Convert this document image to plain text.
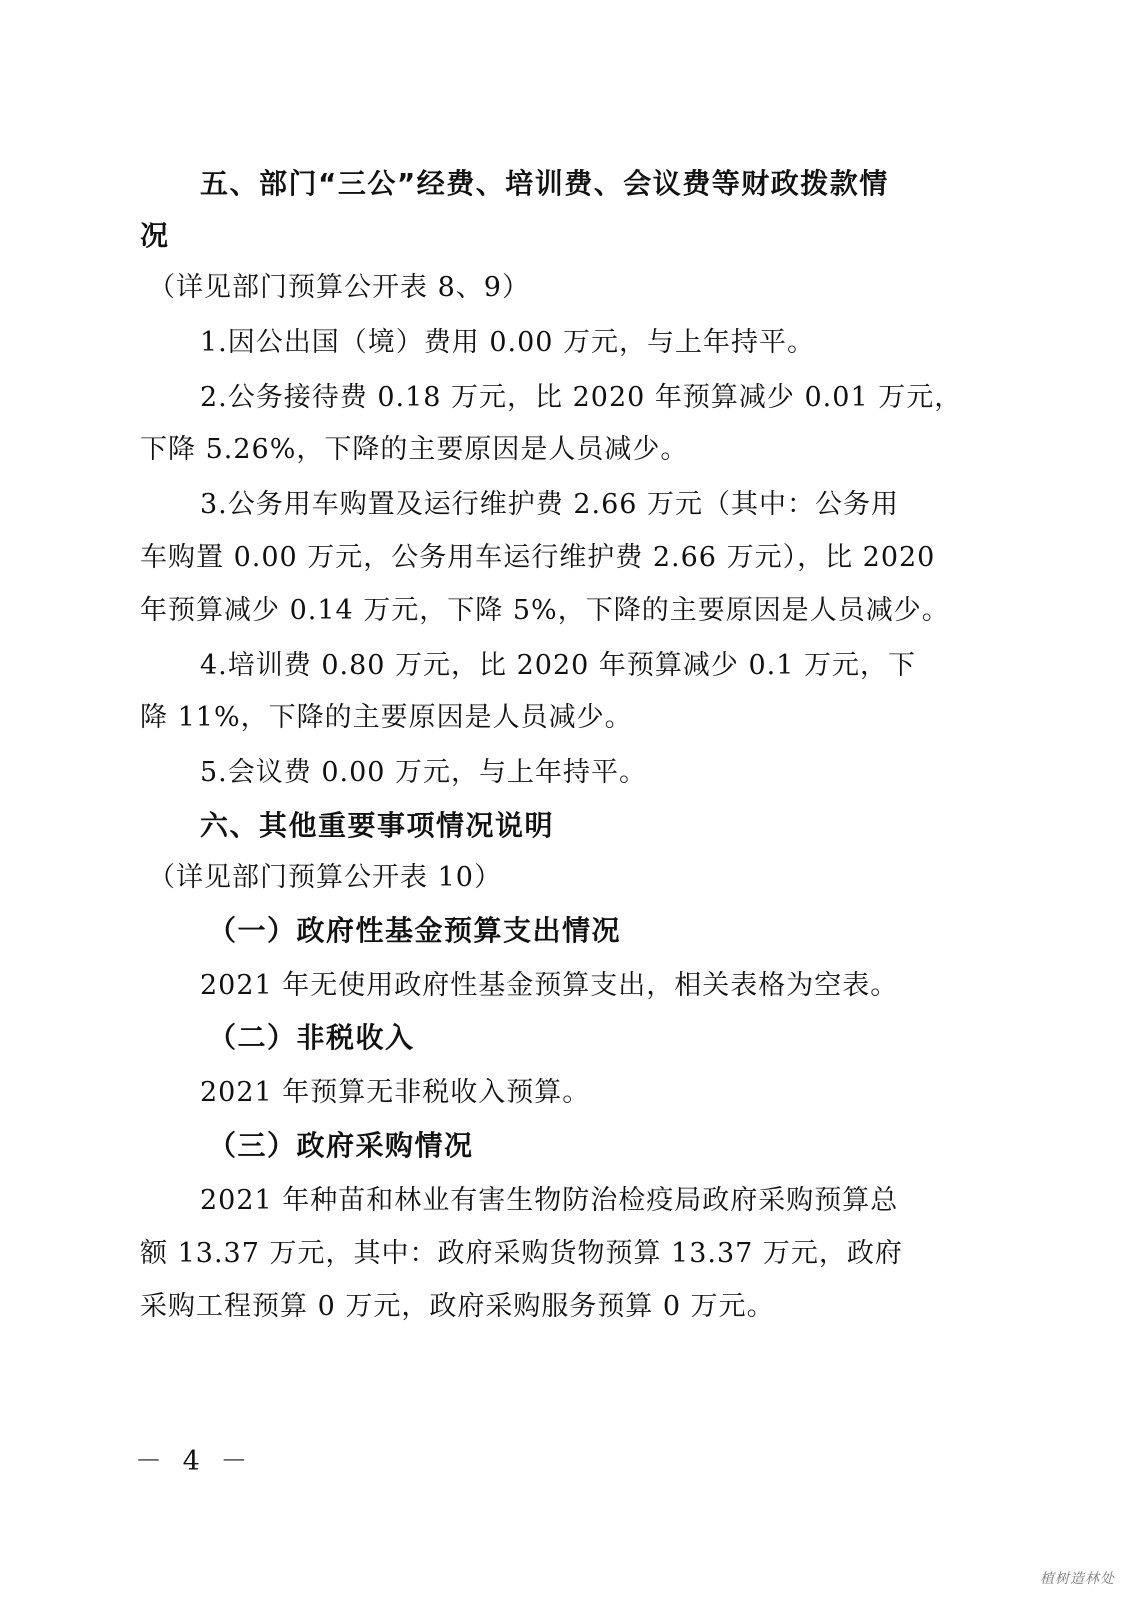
五、部门“三公”经费、培训费、会议费等财政拨款情
况
（详见部门预算公开表 8、9）
1.因公出国（境）费用 0.00 万元，与上年持平。
2.公务接待费 0.18 万元，比 2020 年预算减少 0.01 万元，
下降 5.26%，下降的主要原因是人员减少。
3.公务用车购置及运行维护费 2.66 万元（其中：公务用
车购置 0.00 万元，公务用车运行维护费 2.66 万元），比 2020
年预算减少 0.14 万元，下降 5%，下降的主要原因是人员减少。
4.培训费 0.80 万元，比 2020 年预算减少 0.1 万元，下
降 11%，下降的主要原因是人员减少。
5.会议费 0.00 万元，与上年持平。
六、其他重要事项情况说明
（详见部门预算公开表 10）
（一）政府性基金预算支出情况
2021 年无使用政府性基金预算支出，相关表格为空表。
（二）非税收入
2021 年预算无非税收入预算。
（三）政府采购情况
2021 年种苗和林业有害生物防治检疫局政府采购预算总
额 13.37 万元，其中：政府采购货物预算 13.37 万元，政府
采购工程预算 0 万元，政府采购服务预算 0 万元。
－ 4 －
植树造林处
